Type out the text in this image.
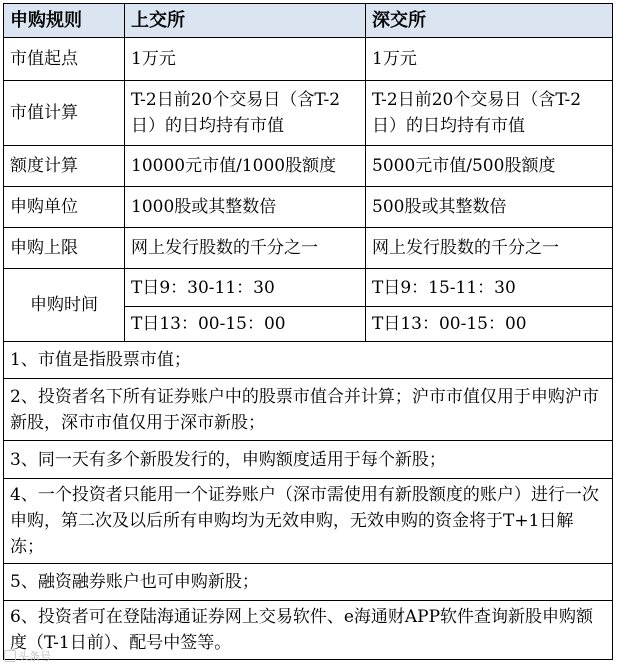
申购规则	上交所	深交所
市值起点	1万元	1万元
市值计算	T-2日前20个交易日（含T-2日）的日均持有市值	T-2日前20个交易日（含T-2日）的日均持有市值
额度计算	10000元市值/1000股额度	5000元市值/500股额度
申购单位	1000股或其整数倍	500股或其整数倍
申购上限	网上发行股数的千分之一	网上发行股数的千分之一
申购时间	T日9：30-11：30	T日9：15-11：30
	T日13：00-15：00	T日13：00-15：00
1、市值是指股票市值；		
2、投资者名下所有证券账户中的股票市值合并计算；沪市市值仅用于申购沪市新股，深市市值仅用于深市新股；		
3、同一天有多个新股发行的，申购额度适用于每个新股；		
4、一个投资者只能用一个证券账户（深市需使用有新股额度的账户）进行一次申购，第二次及以后所有申购均为无效申购，无效申购的资金将于T+1日解冻；		
5、融资融券账户也可申购新股；		
6、投资者可在登陆海通证券网上交易软件、e海通财APP软件查询新股申购额度（T-1日前）、配号中签等。		
头条号
